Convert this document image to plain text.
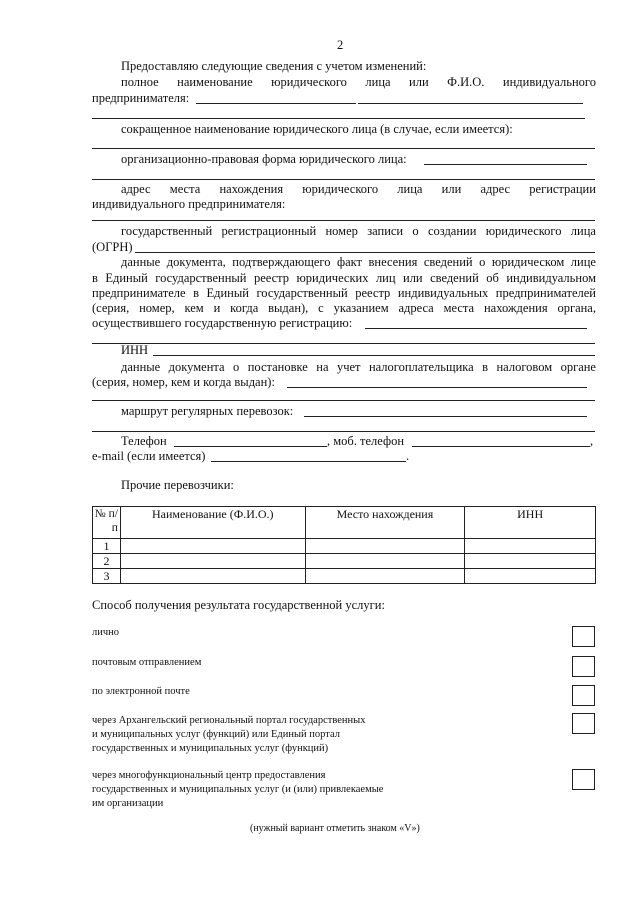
2
Предоставляю следующие сведения с учетом изменений:
полное наименование юридического лица или Ф.И.О. индивидуального
предпринимателя:
сокращенное наименование юридического лица (в случае, если имеется):
организационно-правовая форма юридического лица:
адрес места нахождения юридического лица или адрес регистрации
индивидуального предпринимателя:
государственный регистрационный номер записи о создании юридического лица
(ОГРН)
данные документа, подтверждающего факт внесения сведений о юридическом лице
в Единый государственный реестр юридических лиц или сведений об индивидуальном
предпринимателе в Единый государственный реестр индивидуальных предпринимателей
(серия, номер, кем и когда выдан), с указанием адреса места нахождения органа,
осуществившего государственную регистрацию:
ИНН
данные документа о постановке на учет налогоплательщика в налоговом органе
(серия, номер, кем и когда выдан):
маршрут регулярных перевозок:
Телефон	, моб. телефон	,
e-mail (если имеется)	.
Прочие перевозчики:
№ п/п	Наименование (Ф.И.О.)	Место нахождения	ИНН
1			
2			
3			
Способ получения результата государственной услуги:
лично
почтовым отправлением
по электронной почте
через Архангельский региональный портал государственных
и муниципальных услуг (функций) или Единый портал
государственных и муниципальных услуг (функций)
через многофункциональный центр предоставления
государственных и муниципальных услуг (и (или) привлекаемые
им организации
(нужный вариант отметить знаком «V»)
